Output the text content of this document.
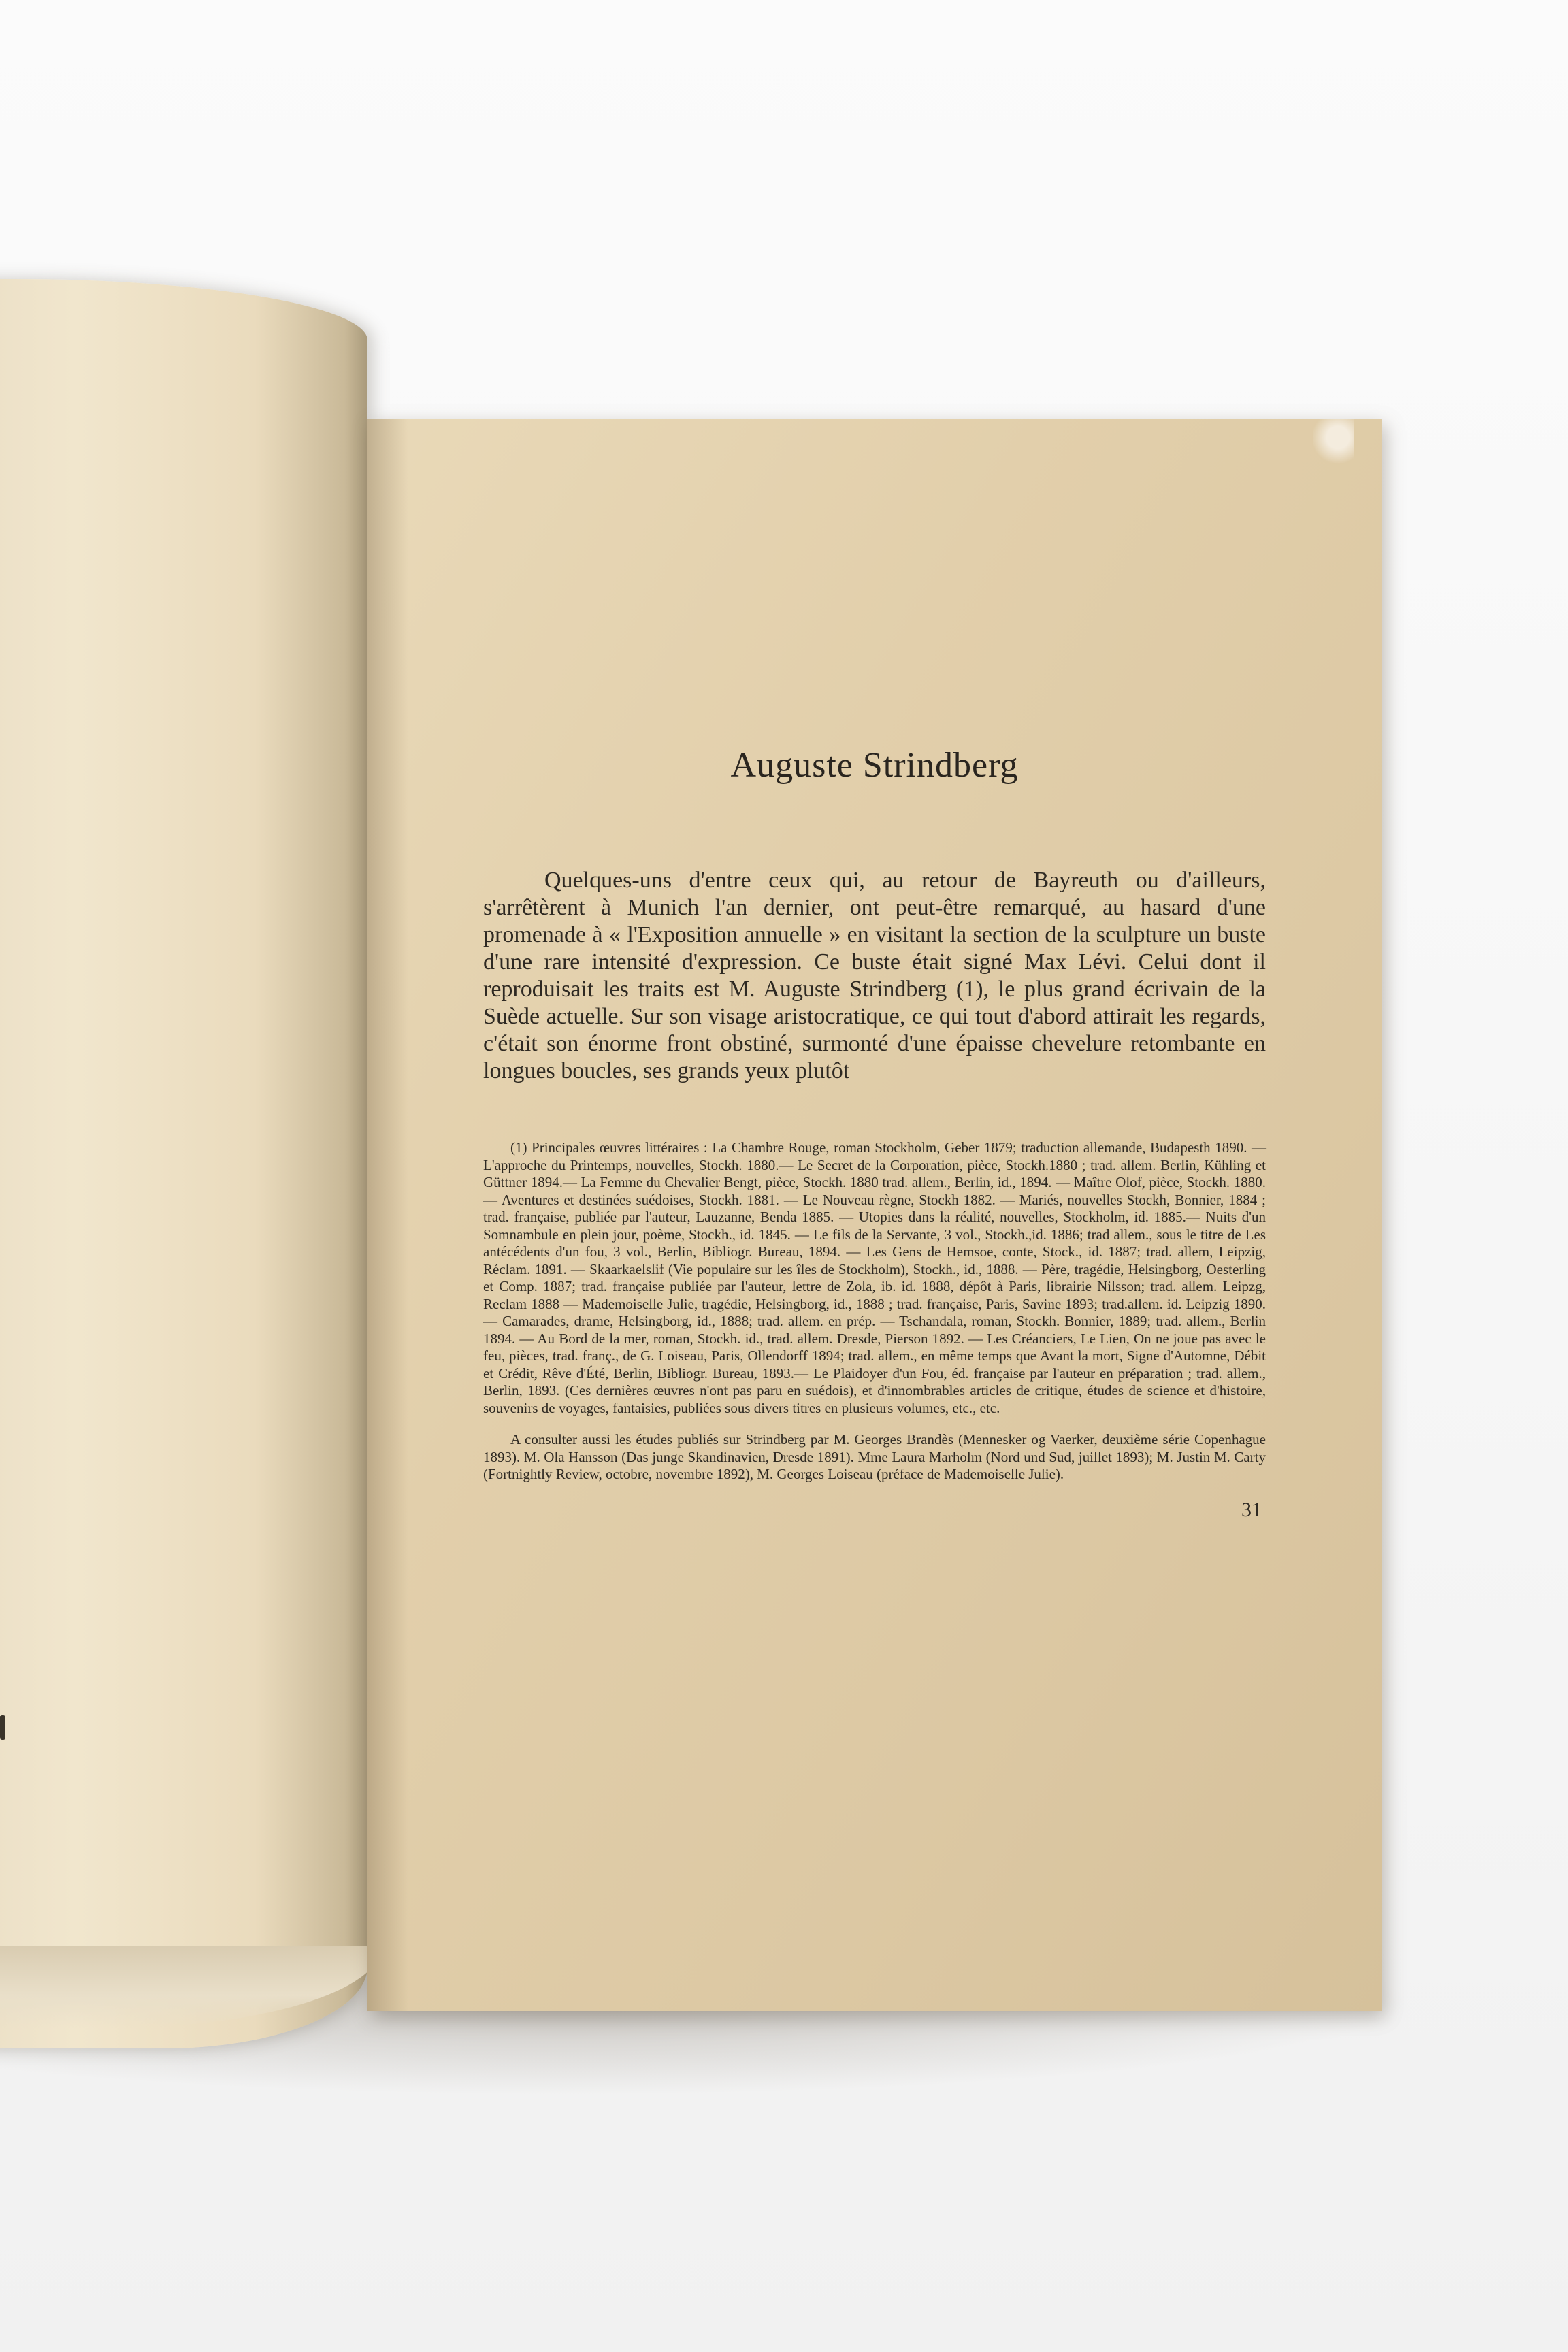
Auguste Strindberg

Quelques-uns d'entre ceux qui, au retour de Bayreuth ou d'ailleurs, s'arrêtèrent à Munich l'an dernier, ont peut-être remarqué, au hasard d'une promenade à « l'Exposition annuelle » en visitant la section de la sculpture un buste d'une rare intensité d'expression. Ce buste était signé Max Lévi. Celui dont il reproduisait les traits est M. Auguste Strindberg (1), le plus grand écrivain de la Suède actuelle. Sur son visage aristocratique, ce qui tout d'abord attirait les regards, c'était son énorme front obstiné, surmonté d'une épaisse chevelure retombante en longues boucles, ses grands yeux plutôt

(1) Principales œuvres littéraires : La Chambre Rouge, roman Stockholm, Geber 1879; traduction allemande, Budapesth 1890. — L'approche du Printemps, nouvelles, Stockh. 1880.— Le Secret de la Corporation, pièce, Stockh.1880 ; trad. allem. Berlin, Kühling et Güttner 1894.— La Femme du Chevalier Bengt, pièce, Stockh. 1880 trad. allem., Berlin, id., 1894. — Maître Olof, pièce, Stockh. 1880.— Aventures et destinées suédoises, Stockh. 1881. — Le Nouveau règne, Stockh 1882. — Mariés, nouvelles Stockh, Bonnier, 1884 ; trad. française, publiée par l'auteur, Lauzanne, Benda 1885. — Utopies dans la réalité, nouvelles, Stockholm, id. 1885.— Nuits d'un Somnambule en plein jour, poème, Stockh., id. 1845. — Le fils de la Servante, 3 vol., Stockh.,id. 1886; trad allem., sous le titre de Les antécédents d'un fou, 3 vol., Berlin, Bibliogr. Bureau, 1894. — Les Gens de Hemsoe, conte, Stock., id. 1887; trad. allem, Leipzig, Réclam. 1891. — Skaarkaelslif (Vie populaire sur les îles de Stockholm), Stockh., id., 1888. — Père, tragédie, Helsingborg, Oesterling et Comp. 1887; trad. française publiée par l'auteur, lettre de Zola, ib. id. 1888, dépôt à Paris, librairie Nilsson; trad. allem. Leipzg, Reclam 1888 — Mademoiselle Julie, tragédie, Helsingborg, id., 1888 ; trad. française, Paris, Savine 1893; trad.allem. id. Leipzig 1890.— Camarades, drame, Helsingborg, id., 1888; trad. allem. en prép. — Tschandala, roman, Stockh. Bonnier, 1889; trad. allem., Berlin 1894. — Au Bord de la mer, roman, Stockh. id., trad. allem. Dresde, Pierson 1892. — Les Créanciers, Le Lien, On ne joue pas avec le feu, pièces, trad. franç., de G. Loiseau, Paris, Ollendorff 1894; trad. allem., en même temps que Avant la mort, Signe d'Automne, Débit et Crédit, Rêve d'Été, Berlin, Bibliogr. Bureau, 1893.— Le Plaidoyer d'un Fou, éd. française par l'auteur en préparation ; trad. allem., Berlin, 1893. (Ces dernières œuvres n'ont pas paru en suédois), et d'innombrables articles de critique, études de science et d'histoire, souvenirs de voyages, fantaisies, publiées sous divers titres en plusieurs volumes, etc., etc.

A consulter aussi les études publiés sur Strindberg par M. Georges Brandès (Mennesker og Vaerker, deuxième série Copenhague 1893). M. Ola Hansson (Das junge Skandinavien, Dresde 1891). Mme Laura Marholm (Nord und Sud, juillet 1893); M. Justin M. Carty (Fortnightly Review, octobre, novembre 1892), M. Georges Loiseau (préface de Mademoiselle Julie).

31
